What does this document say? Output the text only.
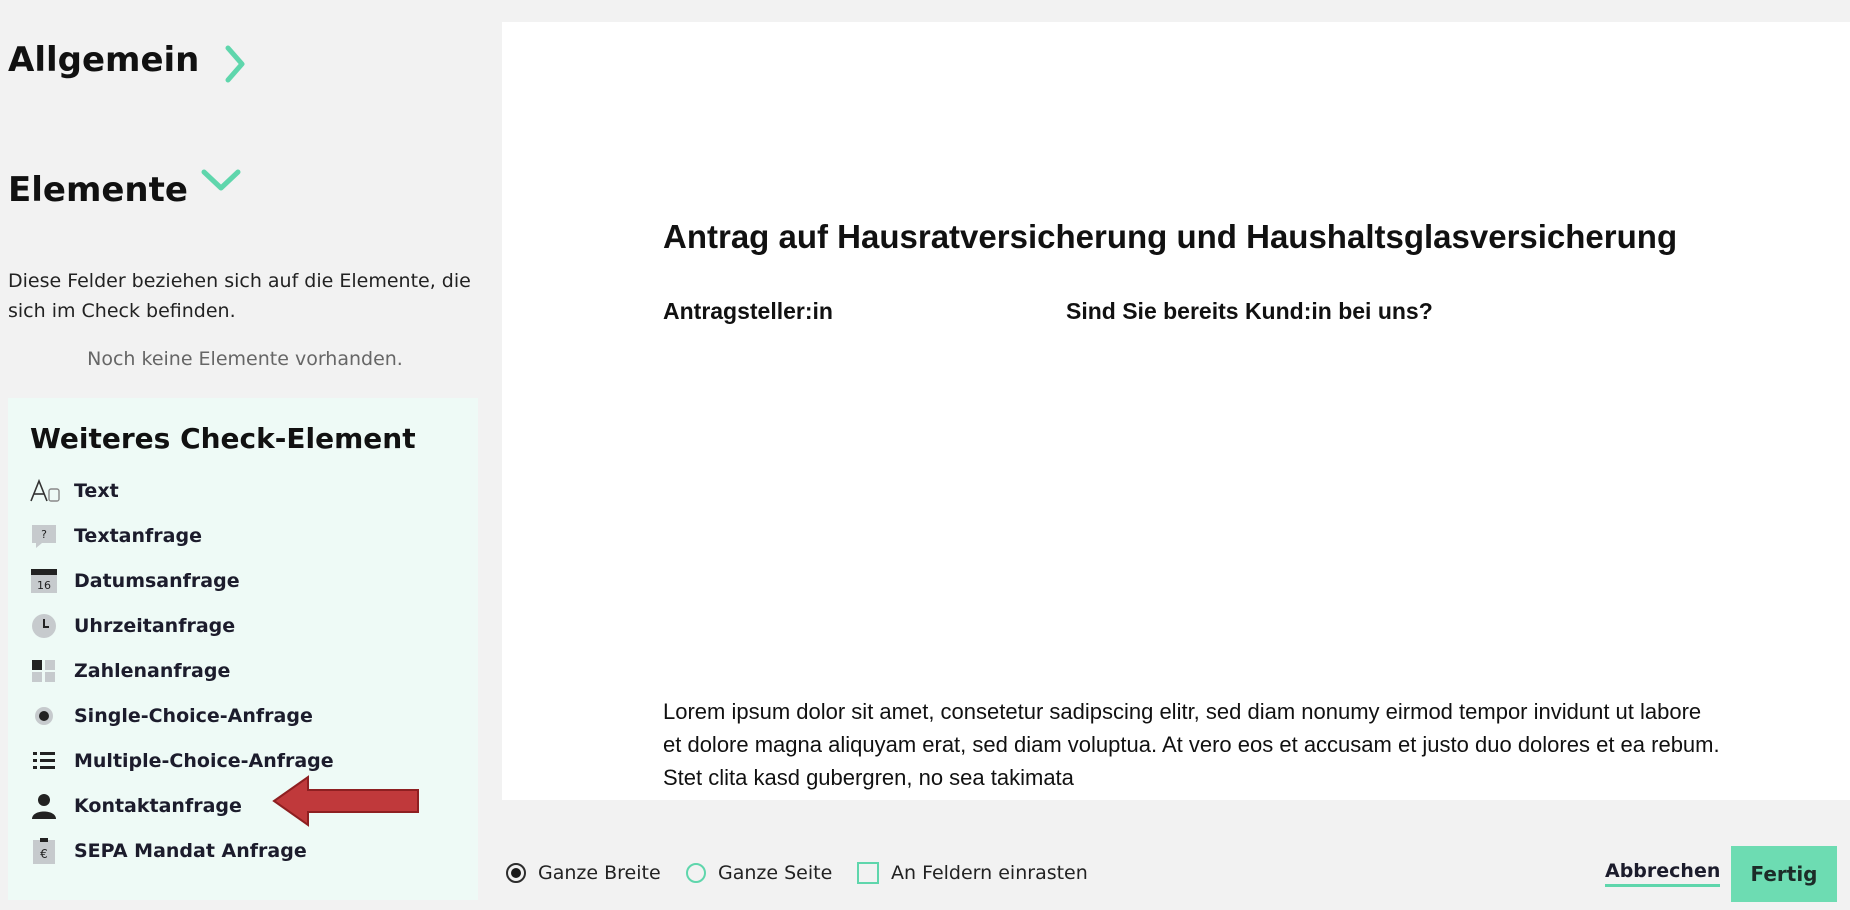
Allgemein
Elemente

Diese Felder beziehen sich auf die Elemente, die sich im Check befinden.

Noch keine Elemente vorhanden.
Weiteres Check-Element
Text
? Textanfrage
16 Datumsanfrage
Uhrzeitanfrage
Zahlenanfrage
Single-Choice-Anfrage
Multiple-Choice-Anfrage
Kontaktanfrage
€ SEPA Mandat Anfrage
Antrag auf Hausratversicherung und Haushaltsglasversicherung
Antragsteller:in	Sind Sie bereits Kund:in bei uns?

Lorem ipsum dolor sit amet, consetetur sadipscing elitr, sed diam nonumy eirmod tempor invidunt ut labore et dolore magna aliquyam erat, sed diam voluptua. At vero eos et accusam et justo duo dolores et ea rebum. Stet clita kasd gubergren, no sea takimata

Ganze Breite	Ganze Seite	An Feldern einrasten	Abbrechen	Fertig
